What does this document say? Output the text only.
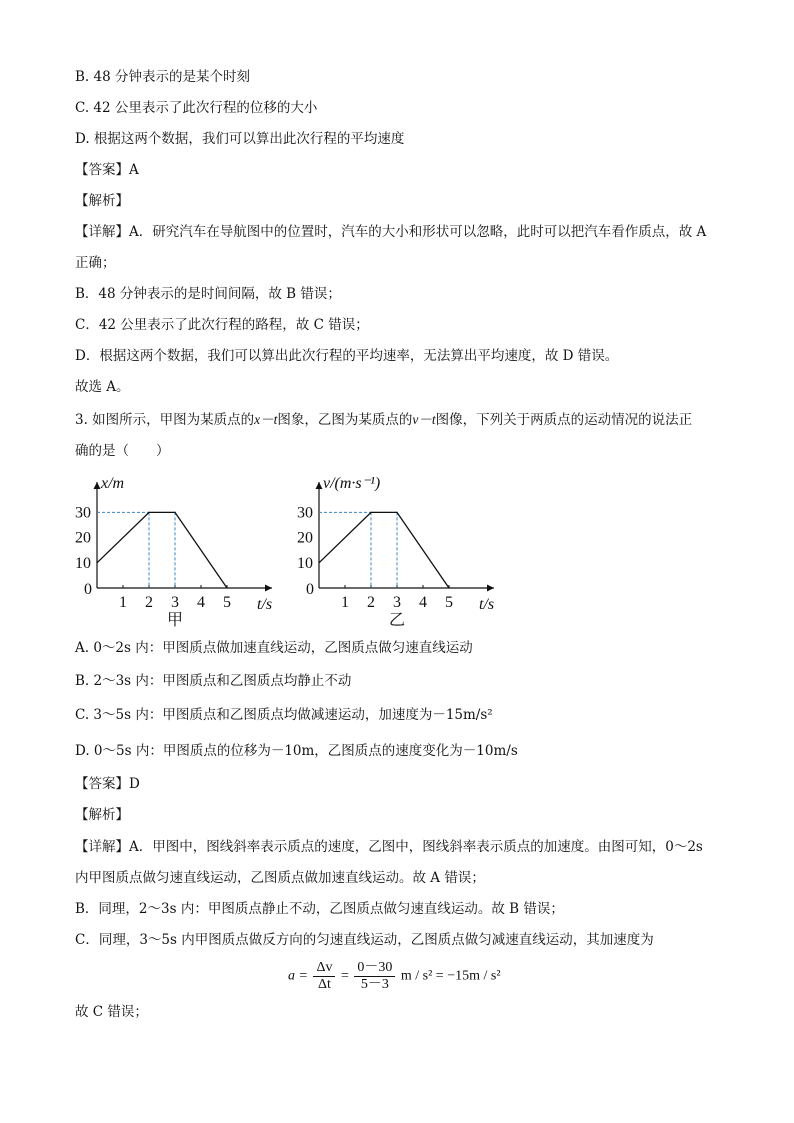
B. 48 分钟表示的是某个时刻
C. 42 公里表示了此次行程的位移的大小
D. 根据这两个数据，我们可以算出此次行程的平均速度
【答案】A
【解析】
【详解】A．研究汽车在导航图中的位置时，汽车的大小和形状可以忽略，此时可以把汽车看作质点，故 A
正确；
B．48 分钟表示的是时间间隔，故 B 错误；
C．42 公里表示了此次行程的路程，故 C 错误；
D．根据这两个数据，我们可以算出此次行程的平均速率，无法算出平均速度，故 D 错误。
故选 A。
3. 如图所示，甲图为某质点的x－t图象，乙图为某质点的v－t图像，下列关于两质点的运动情况的说法正
确的是（　　）
x/m
t/s
0
10
20
30
1 2 3 4 5
甲
v/(m·s⁻¹)
t/s
0
10
20
30
1 2 3 4 5
乙
A. 0～2s 内：甲图质点做加速直线运动，乙图质点做匀速直线运动
B. 2～3s 内：甲图质点和乙图质点均静止不动
C. 3～5s 内：甲图质点和乙图质点均做减速运动，加速度为－15m/s²
D. 0～5s 内：甲图质点的位移为－10m，乙图质点的速度变化为－10m/s
【答案】D
【解析】
【详解】A．甲图中，图线斜率表示质点的速度，乙图中，图线斜率表示质点的加速度。由图可知，0～2s
内甲图质点做匀速直线运动，乙图质点做加速直线运动。故 A 错误；
B．同理，2～3s 内：甲图质点静止不动，乙图质点做匀速直线运动。故 B 错误；
C．同理，3～5s 内甲图质点做反方向的匀速直线运动，乙图质点做匀减速直线运动，其加速度为
$a = \frac{\Delta v}{\Delta t} = \frac{0-30}{5-3}$ m / s² = −15m / s²
故 C 错误；
